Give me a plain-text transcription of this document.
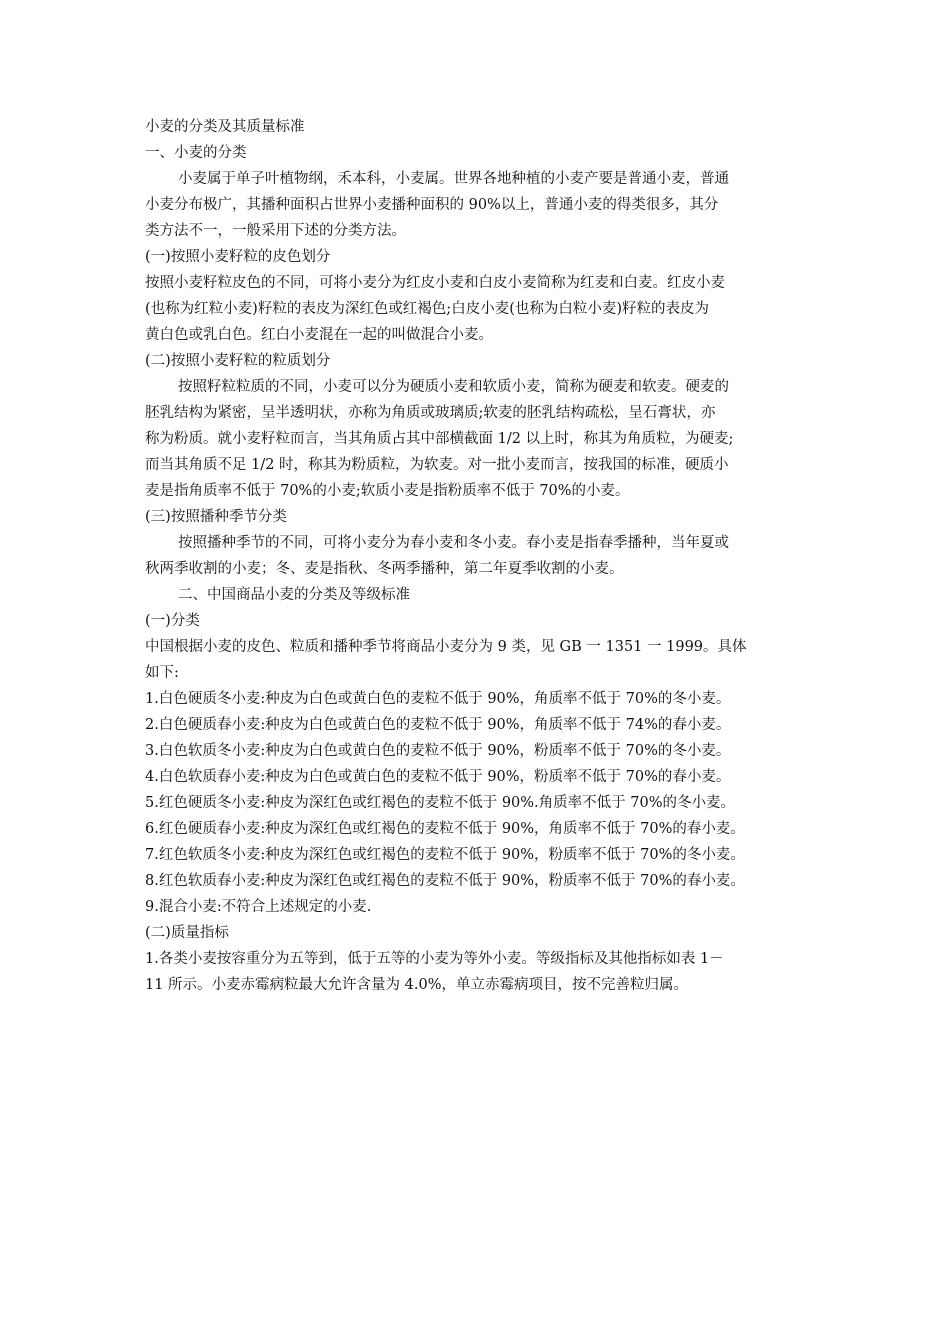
小麦的分类及其质量标准
一、小麦的分类
小麦属于单子叶植物纲，禾本科，小麦属。世界各地种植的小麦产要是普通小麦，普通
小麦分布极广，其播种面积占世界小麦播种面积的 90%以上，普通小麦的得类很多，其分
类方法不一，一般采用下述的分类方法。
(一)按照小麦籽粒的皮色划分
按照小麦籽粒皮色的不同，可将小麦分为红皮小麦和白皮小麦简称为红麦和白麦。红皮小麦
(也称为红粒小麦)籽粒的表皮为深红色或红褐色;白皮小麦(也称为白粒小麦)籽粒的表皮为
黄白色或乳白色。红白小麦混在一起的叫做混合小麦。
(二)按照小麦籽粒的粒质划分
按照籽粒粒质的不同，小麦可以分为硬质小麦和软质小麦，简称为硬麦和软麦。硬麦的
胚乳结构为紧密，呈半透明状，亦称为角质或玻璃质;软麦的胚乳结构疏松，呈石膏状，亦
称为粉质。就小麦籽粒而言，当其角质占其中部横截面 1/2 以上时，称其为角质粒，为硬麦;
而当其角质不足 1/2 时，称其为粉质粒，为软麦。对一批小麦而言，按我国的标准，硬质小
麦是指角质率不低于 70%的小麦;软质小麦是指粉质率不低于 70%的小麦。
(三)按照播种季节分类
按照播种季节的不同，可将小麦分为春小麦和冬小麦。春小麦是指春季播种，当年夏或
秋两季收割的小麦；冬、麦是指秋、冬两季播种，第二年夏季收割的小麦。
二、中国商品小麦的分类及等级标准
(一)分类
中国根据小麦的皮色、粒质和播种季节将商品小麦分为 9 类，见 GB 一 1351 一 1999。具体
如下:
1.白色硬质冬小麦:种皮为白色或黄白色的麦粒不低于 90%，角质率不低于 70%的冬小麦。
2.白色硬质春小麦:种皮为白色或黄白色的麦粒不低于 90%，角质率不低于 74%的春小麦。
3.白色软质冬小麦:种皮为白色或黄白色的麦粒不低于 90%，粉质率不低于 70%的冬小麦。
4.白色软质春小麦:种皮为白色或黄白色的麦粒不低于 90%，粉质率不低于 70%的春小麦。
5.红色硬质冬小麦:种皮为深红色或红褐色的麦粒不低于 90%.角质率不低于 70%的冬小麦。
6.红色硬质春小麦:种皮为深红色或红褐色的麦粒不低于 90%，角质率不低于 70%的春小麦。
7.红色软质冬小麦:种皮为深红色或红褐色的麦粒不低于 90%，粉质率不低于 70%的冬小麦。
8.红色软质春小麦:种皮为深红色或红褐色的麦粒不低于 90%，粉质率不低于 70%的春小麦。
9.混合小麦:不符合上述规定的小麦.
(二)质量指标
1.各类小麦按容重分为五等到，低于五等的小麦为等外小麦。等级指标及其他指标如表 1－
11 所示。小麦赤霉病粒最大允许含量为 4.0%，单立赤霉病项目，按不完善粒归属。
